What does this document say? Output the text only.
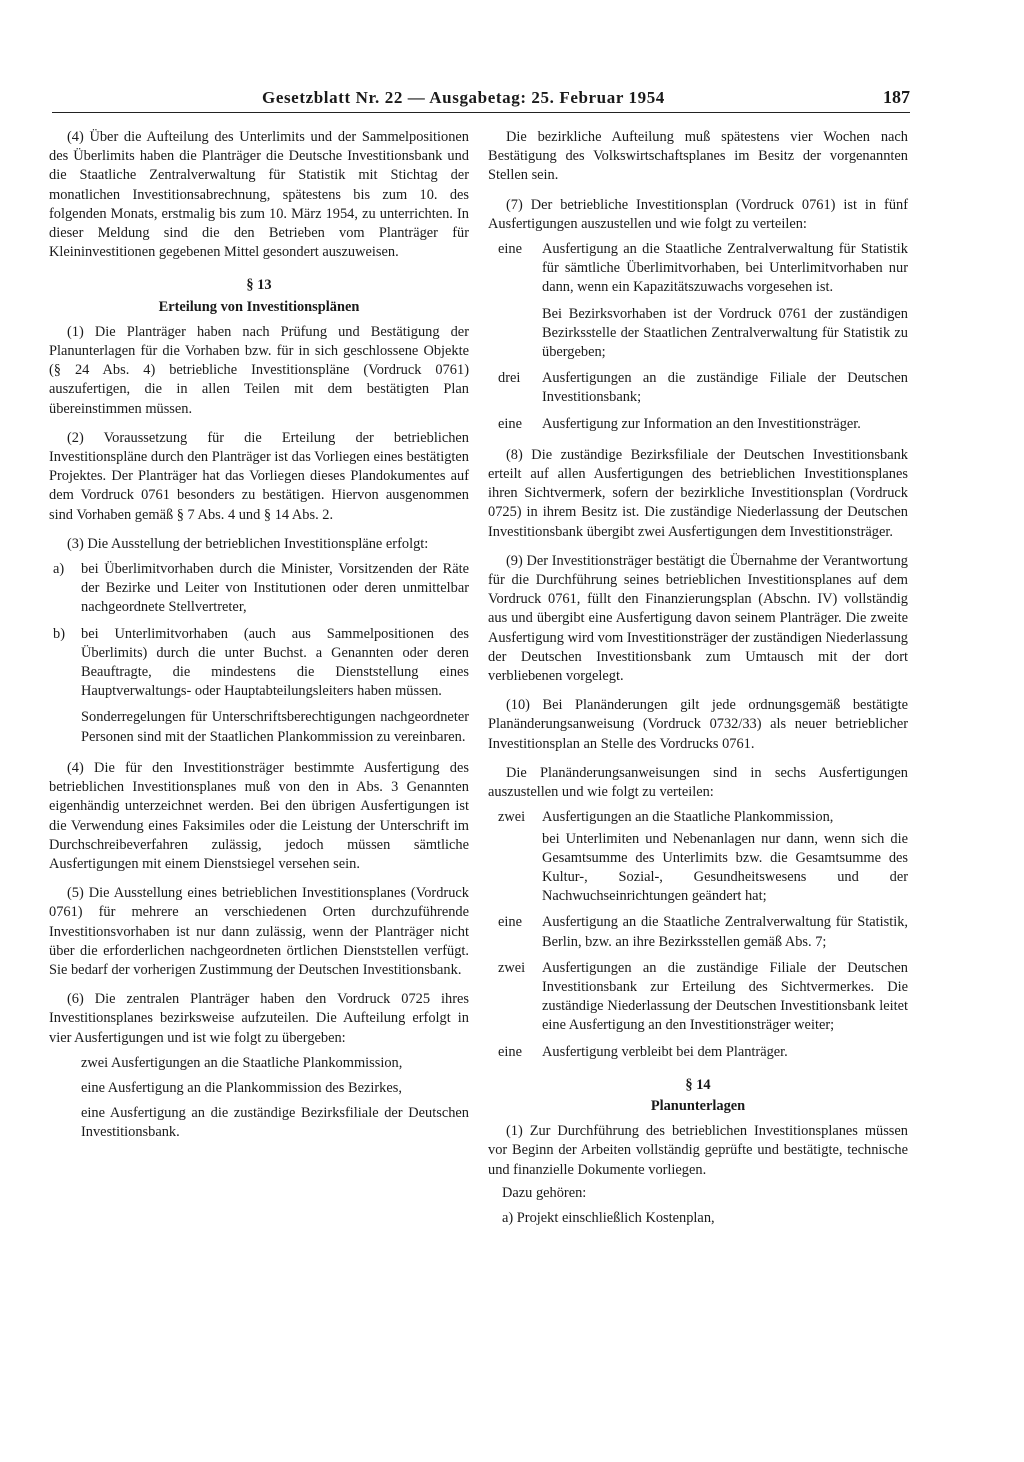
Gesetzblatt Nr. 22 — Ausgabetag: 25. Februar 1954	187

(4) Über die Aufteilung des Unterlimits und der Sammelpositionen des Überlimits haben die Planträger die Deutsche Investitionsbank und die Staatliche Zentralverwaltung für Statistik mit Stichtag der monatlichen Investitionsabrechnung, spätestens bis zum 10. des folgenden Monats, erstmalig bis zum 10. März 1954, zu unterrichten. In dieser Meldung sind die den Betrieben vom Planträger für Kleininvestitionen gegebenen Mittel gesondert auszuweisen.

§ 13
Erteilung von Investitionsplänen

(1) Die Planträger haben nach Prüfung und Bestätigung der Planunterlagen für die Vorhaben bzw. für in sich geschlossene Objekte (§ 24 Abs. 4) betriebliche Investitionspläne (Vordruck 0761) auszufertigen, die in allen Teilen mit dem bestätigten Plan übereinstimmen müssen.

(2) Voraussetzung für die Erteilung der betrieblichen Investitionspläne durch den Planträger ist das Vorliegen eines bestätigten Projektes. Der Planträger hat das Vorliegen dieses Plandokumentes auf dem Vordruck 0761 besonders zu bestätigen. Hiervon ausgenommen sind Vorhaben gemäß § 7 Abs. 4 und § 14 Abs. 2.

(3) Die Ausstellung der betrieblichen Investitionspläne erfolgt:

a)	bei Überlimitvorhaben durch die Minister, Vorsitzenden der Räte der Bezirke und Leiter von Institutionen oder deren unmittelbar nachgeordnete Stellvertreter,
b)	bei Unterlimitvorhaben (auch aus Sammelpositionen des Überlimits) durch die unter Buchst. a Genannten oder deren Beauftragte, die mindestens die Dienststellung eines Hauptverwaltungs- oder Hauptabteilungsleiters haben müssen.

Sonderregelungen für Unterschriftsberechtigungen nachgeordneter Personen sind mit der Staatlichen Plankommission zu vereinbaren.

(4) Die für den Investitionsträger bestimmte Ausfertigung des betrieblichen Investitionsplanes muß von den in Abs. 3 Genannten eigenhändig unterzeichnet werden. Bei den übrigen Ausfertigungen ist die Verwendung eines Faksimiles oder die Leistung der Unterschrift im Durchschreibeverfahren zulässig, jedoch müssen sämtliche Ausfertigungen mit einem Dienstsiegel versehen sein.

(5) Die Ausstellung eines betrieblichen Investitionsplanes (Vordruck 0761) für mehrere an verschiedenen Orten durchzuführende Investitionsvorhaben ist nur dann zulässig, wenn der Planträger nicht über die erforderlichen nachgeordneten örtlichen Dienststellen verfügt. Sie bedarf der vorherigen Zustimmung der Deutschen Investitionsbank.

(6) Die zentralen Planträger haben den Vordruck 0725 ihres Investitionsplanes bezirksweise aufzuteilen. Die Aufteilung erfolgt in vier Ausfertigungen und ist wie folgt zu übergeben:

zwei Ausfertigungen an die Staatliche Plankommission,

eine Ausfertigung an die Plankommission des Bezirkes,

eine Ausfertigung an die zuständige Bezirksfiliale der Deutschen Investitionsbank.

Die bezirkliche Aufteilung muß spätestens vier Wochen nach Bestätigung des Volkswirtschaftsplanes im Besitz der vorgenannten Stellen sein.

(7) Der betriebliche Investitionsplan (Vordruck 0761) ist in fünf Ausfertigungen auszustellen und wie folgt zu verteilen:

eine	Ausfertigung an die Staatliche Zentralverwaltung für Statistik für sämtliche Überlimitvorhaben, bei Unterlimitvorhaben nur dann, wenn ein Kapazitätszuwachs vorgesehen ist.

Bei Bezirksvorhaben ist der Vordruck 0761 der zuständigen Bezirksstelle der Staatlichen Zentralverwaltung für Statistik zu übergeben;

drei	Ausfertigungen an die zuständige Filiale der Deutschen Investitionsbank;
eine	Ausfertigung zur Information an den Investitionsträger.

(8) Die zuständige Bezirksfiliale der Deutschen Investitionsbank erteilt auf allen Ausfertigungen des betrieblichen Investitionsplanes ihren Sichtvermerk, sofern der bezirkliche Investitionsplan (Vordruck 0725) in ihrem Besitz ist. Die zuständige Niederlassung der Deutschen Investitionsbank übergibt zwei Ausfertigungen dem Investitionsträger.

(9) Der Investitionsträger bestätigt die Übernahme der Verantwortung für die Durchführung seines betrieblichen Investitionsplanes auf dem Vordruck 0761, füllt den Finanzierungsplan (Abschn. IV) vollständig aus und übergibt eine Ausfertigung davon seinem Planträger. Die zweite Ausfertigung wird vom Investitionsträger der zuständigen Niederlassung der Deutschen Investitionsbank zum Umtausch mit der dort verbliebenen vorgelegt.

(10) Bei Planänderungen gilt jede ordnungsgemäß bestätigte Planänderungsanweisung (Vordruck 0732/33) als neuer betrieblicher Investitionsplan an Stelle des Vordrucks 0761.

Die Planänderungsanweisungen sind in sechs Ausfertigungen auszustellen und wie folgt zu verteilen:

zwei	Ausfertigungen an die Staatliche Plankommission,

bei Unterlimiten und Nebenanlagen nur dann, wenn sich die Gesamtsumme des Unterlimits bzw. die Gesamtsumme des Kultur-, Sozial-, Gesundheitswesens und der Nachwuchseinrichtungen geändert hat;

eine	Ausfertigung an die Staatliche Zentralverwaltung für Statistik, Berlin, bzw. an ihre Bezirksstellen gemäß Abs. 7;
zwei	Ausfertigungen an die zuständige Filiale der Deutschen Investitionsbank zur Erteilung des Sichtvermerkes. Die zuständige Niederlassung der Deutschen Investitionsbank leitet eine Ausfertigung an den Investitionsträger weiter;
eine	Ausfertigung verbleibt bei dem Planträger.
§ 14
Planunterlagen

(1) Zur Durchführung des betrieblichen Investitionsplanes müssen vor Beginn der Arbeiten vollständig geprüfte und bestätigte, technische und finanzielle Dokumente vorliegen.

Dazu gehören:

a) Projekt einschließlich Kostenplan,
